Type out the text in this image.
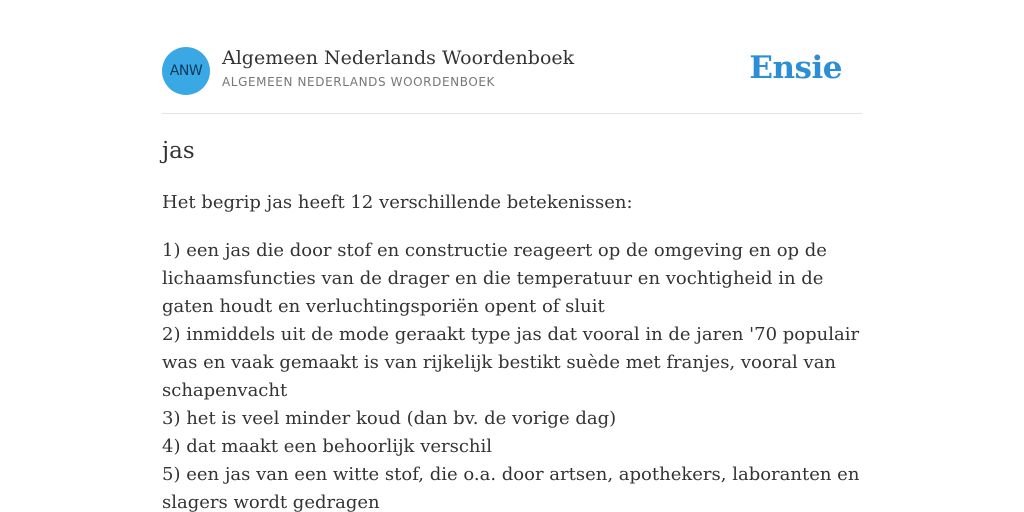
ANW
Algemeen Nederlands Woordenboek
ALGEMEEN NEDERLANDS WOORDENBOEK	Ensie
jas
Het begrip jas heeft 12 verschillende betekenissen:
1) een jas die door stof en constructie reageert op de omgeving en op de lichaamsfuncties van de drager en die temperatuur en vochtigheid in de gaten houdt en verluchtingsporiën opent of sluit
2) inmiddels uit de mode geraakt type jas dat vooral in de jaren '70 populair was en vaak gemaakt is van rijkelijk bestikt suède met franjes, vooral van schapenvacht
3) het is veel minder koud (dan bv. de vorige dag)
4) dat maakt een behoorlijk verschil
5) een jas van een witte stof, die o.a. door artsen, apothekers, laboranten en slagers wordt gedragen
